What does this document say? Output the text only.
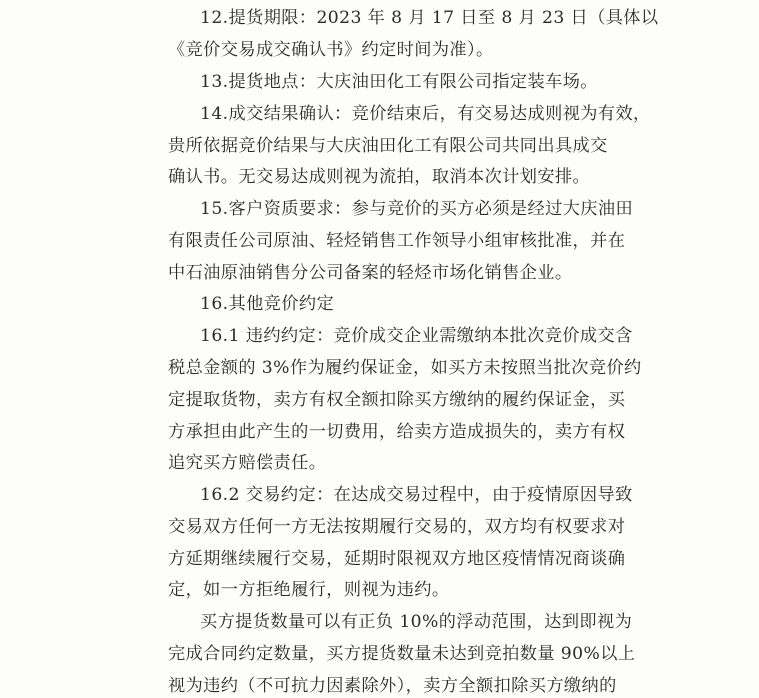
12.提货期限：2023 年 8 月 17 日至 8 月 23 日（具体以
《竞价交易成交确认书》约定时间为准）。
13.提货地点：大庆油田化工有限公司指定装车场。
14.成交结果确认：竞价结束后，有交易达成则视为有效，
贵所依据竞价结果与大庆油田化工有限公司共同出具成交
确认书。无交易达成则视为流拍，取消本次计划安排。
15.客户资质要求：参与竞价的买方必须是经过大庆油田
有限责任公司原油、轻烃销售工作领导小组审核批准，并在
中石油原油销售分公司备案的轻烃市场化销售企业。
16.其他竞价约定
16.1 违约约定：竞价成交企业需缴纳本批次竞价成交含
税总金额的 3%作为履约保证金，如买方未按照当批次竞价约
定提取货物，卖方有权全额扣除买方缴纳的履约保证金，买
方承担由此产生的一切费用，给卖方造成损失的，卖方有权
追究买方赔偿责任。
16.2 交易约定：在达成交易过程中，由于疫情原因导致
交易双方任何一方无法按期履行交易的，双方均有权要求对
方延期继续履行交易，延期时限视双方地区疫情情况商谈确
定，如一方拒绝履行，则视为违约。
买方提货数量可以有正负 10%的浮动范围，达到即视为
完成合同约定数量，买方提货数量未达到竞拍数量 90%以上
视为违约（不可抗力因素除外），卖方全额扣除买方缴纳的
